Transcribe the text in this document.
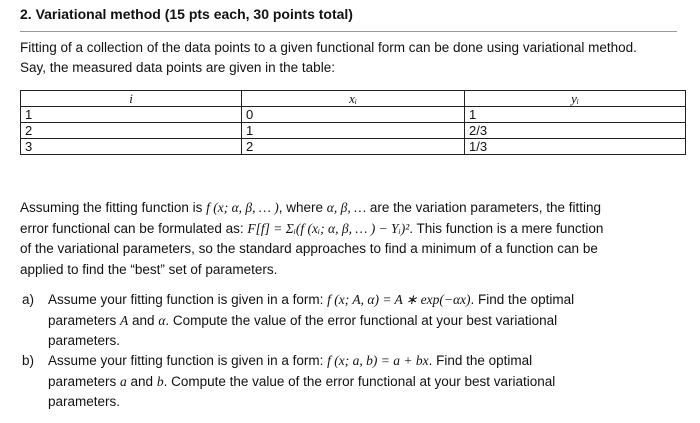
2. Variational method (15 pts each, 30 points total)
Fitting of a collection of the data points to a given functional form can be done using variational method.
Say, the measured data points are given in the table:
i	xᵢ	yᵢ
1	0	1
2	1	2/3
3	2	1/3
Assuming the fitting function is f (x; α, β, … ), where α, β, … are the variation parameters, the fitting
error functional can be formulated as: F[f] = Σᵢ(f (xᵢ; α, β, … ) − Yᵢ)². This function is a mere function
of the variational parameters, so the standard approaches to find a minimum of a function can be
applied to find the “best” set of parameters.
a) Assume your fitting function is given in a form: f (x; A, α) = A ∗ exp(−αx). Find the optimal
parameters A and α. Compute the value of the error functional at your best variational
parameters.
b) Assume your fitting function is given in a form: f (x; a, b) = a + bx. Find the optimal
parameters a and b. Compute the value of the error functional at your best variational
parameters.
